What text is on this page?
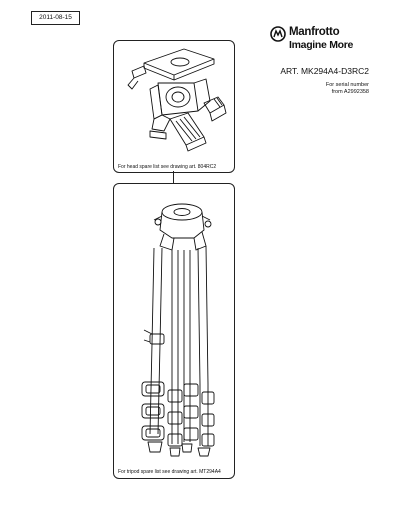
2011-08-15
Manfrotto
Imagine More
ART. MK294A4-D3RC2
For serial number
from A2992358
For head spare list see drawing art. 804RC2
For tripod spare list see drawing art. MT294A4
